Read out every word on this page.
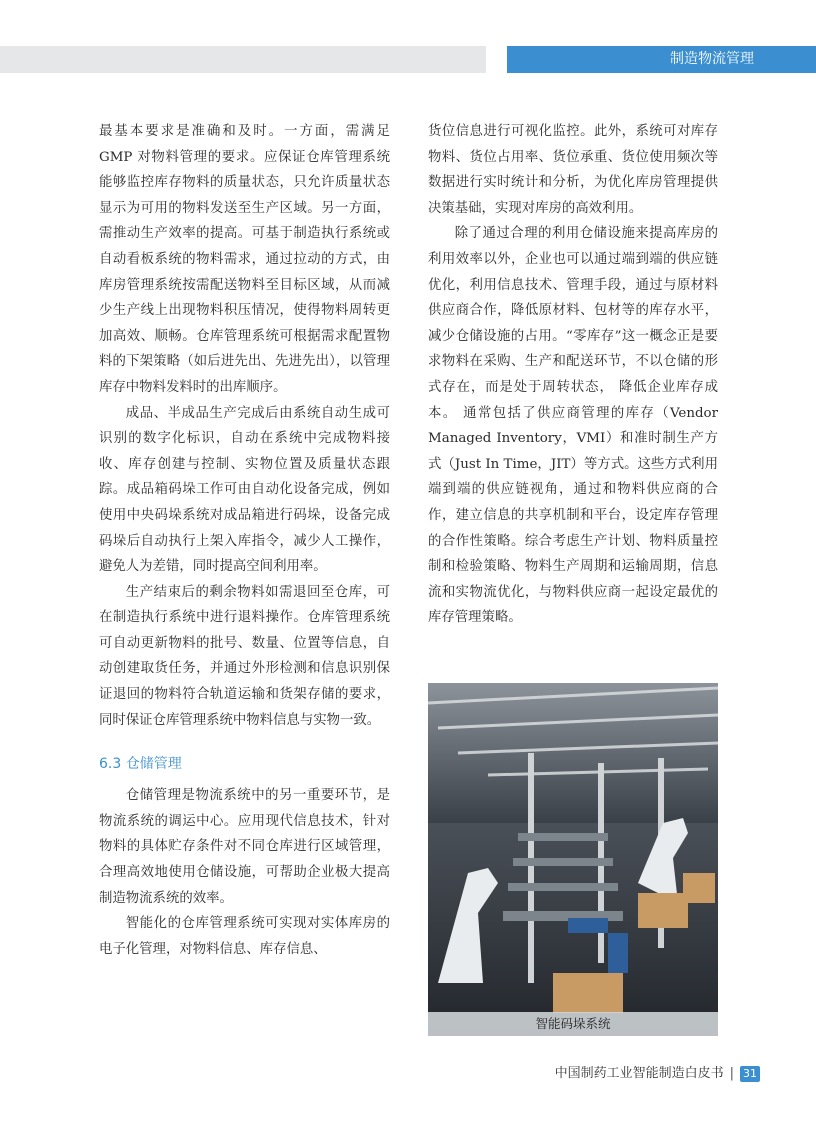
制造物流管理

最基本要求是准确和及时。一方面，需满足 GMP 对物料管理的要求。应保证仓库管理系统能够监控库存物料的质量状态，只允许质量状态显示为可用的物料发送至生产区域。另一方面，需推动生产效率的提高。可基于制造执行系统或自动看板系统的物料需求，通过拉动的方式，由库房管理系统按需配送物料至目标区域，从而减少生产线上出现物料积压情况，使得物料周转更加高效、顺畅。仓库管理系统可根据需求配置物料的下架策略（如后进先出、先进先出），以管理库存中物料发料时的出库顺序。

成品、半成品生产完成后由系统自动生成可识别的数字化标识，自动在系统中完成物料接收、库存创建与控制、实物位置及质量状态跟踪。成品箱码垛工作可由自动化设备完成，例如使用中央码垛系统对成品箱进行码垛，设备完成码垛后自动执行上架入库指令，减少人工操作，避免人为差错，同时提高空间利用率。

生产结束后的剩余物料如需退回至仓库，可在制造执行系统中进行退料操作。仓库管理系统可自动更新物料的批号、数量、位置等信息，自动创建取货任务，并通过外形检测和信息识别保证退回的物料符合轨道运输和货架存储的要求，同时保证仓库管理系统中物料信息与实物一致。

6.3 仓储管理

仓储管理是物流系统中的另一重要环节，是物流系统的调运中心。应用现代信息技术，针对物料的具体贮存条件对不同仓库进行区域管理，合理高效地使用仓储设施，可帮助企业极大提高制造物流系统的效率。

智能化的仓库管理系统可实现对实体库房的电子化管理，对物料信息、库存信息、

货位信息进行可视化监控。此外，系统可对库存物料、货位占用率、货位承重、货位使用频次等数据进行实时统计和分析，为优化库房管理提供决策基础，实现对库房的高效利用。

除了通过合理的利用仓储设施来提高库房的利用效率以外，企业也可以通过端到端的供应链优化，利用信息技术、管理手段，通过与原材料供应商合作，降低原材料、包材等的库存水平， 减少仓储设施的占用。“零库存”这一概念正是要求物料在采购、生产和配送环节，不以仓储的形式存在，而是处于周转状态， 降低企业库存成本。 通常包括了供应商管理的库存（Vendor Managed Inventory，VMI）和准时制生产方式（Just In Time，JIT）等方式。这些方式利用端到端的供应链视角，通过和物料供应商的合作，建立信息的共享机制和平台，设定库存管理的合作性策略。综合考虑生产计划、物料质量控制和检验策略、物料生产周期和运输周期，信息流和实物流优化，与物料供应商一起设定最优的库存管理策略。

智能码垛系统
中国制药工业智能制造白皮书 | 31
